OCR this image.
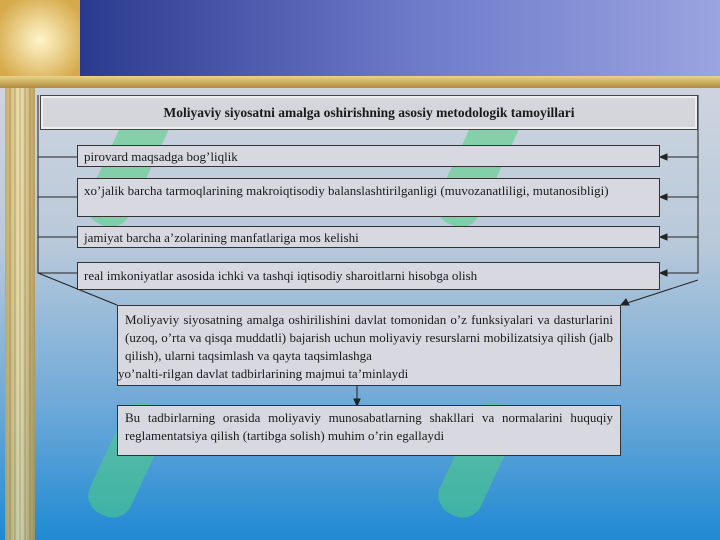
Moliyaviy siyosatni amalga oshirishning asosiy metodologik tamoyillari
pirovard maqsadga bog’liqlik
xo’jalik barcha tarmoqlarining makroiqtisodiy balanslashtirilganligi (muvozanatliligi, mutanosibligi)
jamiyat barcha a’zolarining manfatlariga mos kelishi
real imkoniyatlar asosida ichki va tashqi iqtisodiy sharoitlarni hisobga olish
Moliyaviy siyosatning amalga oshirilishini davlat tomonidan o’z funksiyalari va dasturlarini (uzoq, o’rta va qisqa muddatli) bajarish uchun moliyaviy resurslarni mobilizatsiya qilish (jalb qilish), ularni taqsimlash va qayta taqsimlashga
yo’nalti-rilgan davlat tadbirlarining majmui ta’minlaydi
Bu tadbirlarning orasida moliyaviy munosabatlarning shakllari va normalarini huquqiy reglamentatsiya qilish (tartibga solish) muhim o’rin egallaydi
